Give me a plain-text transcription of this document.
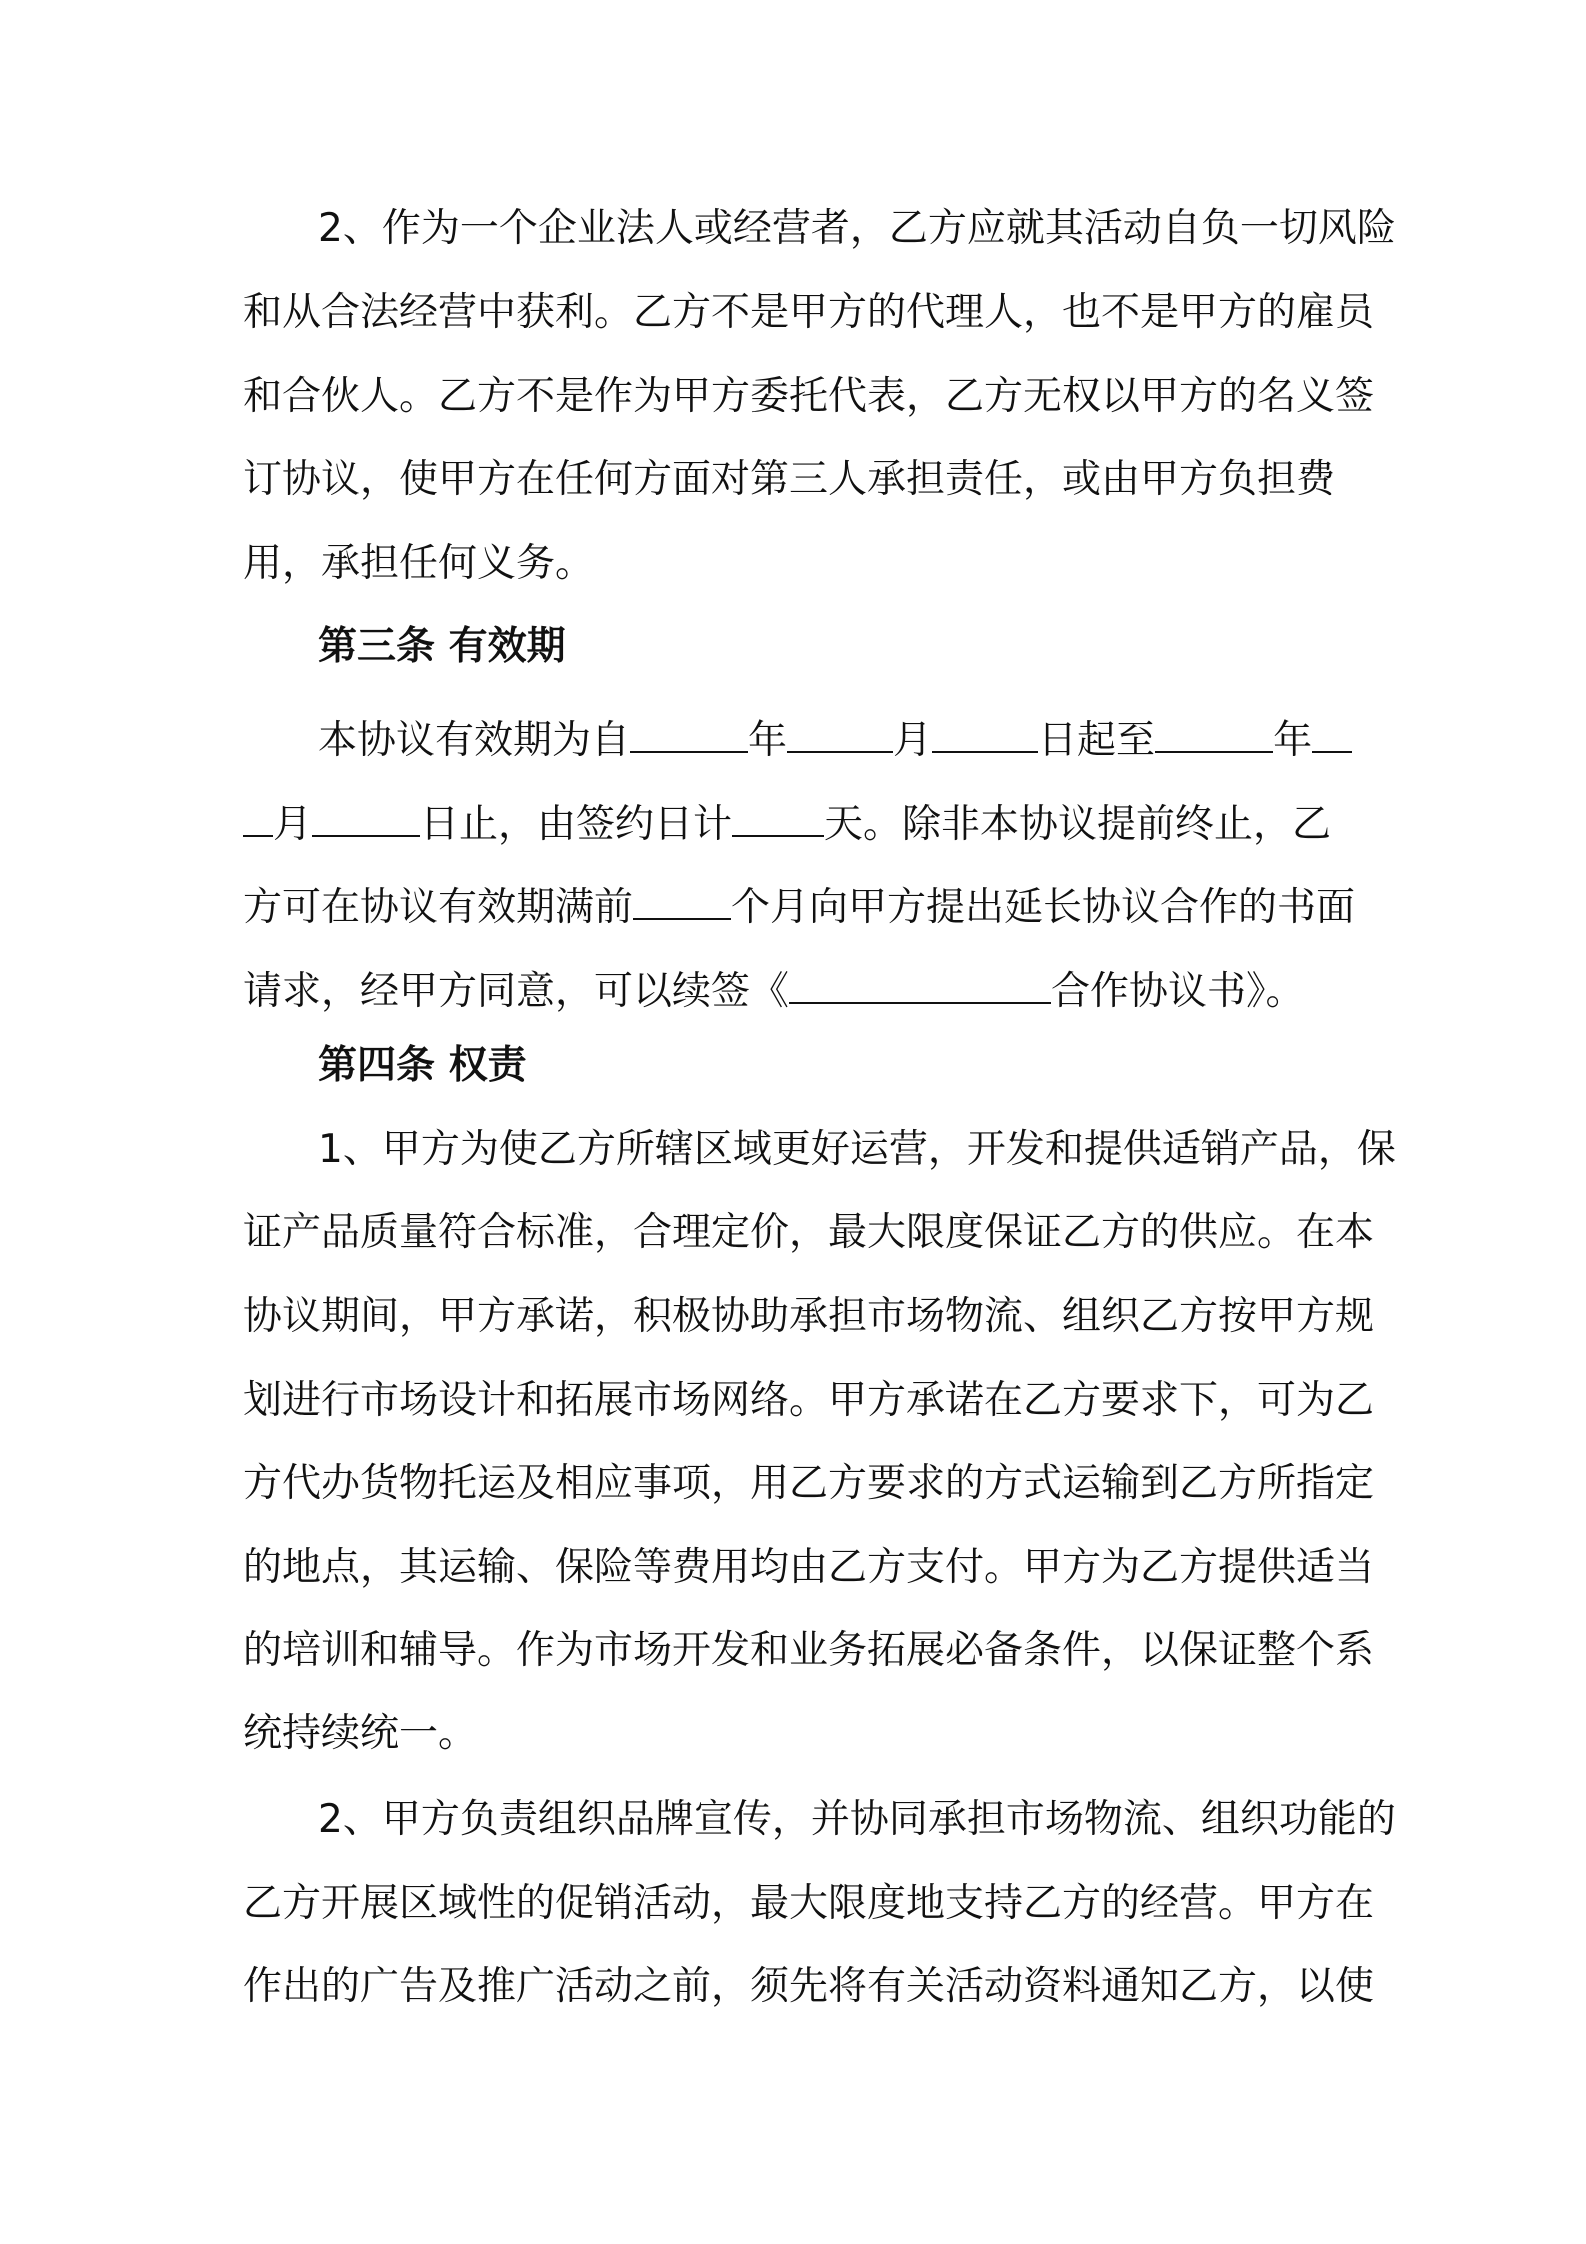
2、作为一个企业法人或经营者，乙方应就其活动自负一切风险
和从合法经营中获利。乙方不是甲方的代理人，也不是甲方的雇员
和合伙人。乙方不是作为甲方委托代表，乙方无权以甲方的名义签
订协议，使甲方在任何方面对第三人承担责任，或由甲方负担费
用，承担任何义务。
第三条 有效期
本协议有效期为自	年	月	日起至	年
月	日止，由签约日计 天。除非本协议提前终止，乙
方可在协议有效期满前	个月向甲方提出延长协议合作的书面
请求，经甲方同意，可以续签《	合作协议书》。
第四条 权责
1、甲方为使乙方所辖区域更好运营，开发和提供适销产品，保
证产品质量符合标准，合理定价，最大限度保证乙方的供应。在本
协议期间，甲方承诺，积极协助承担市场物流、组织乙方按甲方规
划进行市场设计和拓展市场网络。甲方承诺在乙方要求下，可为乙
方代办货物托运及相应事项，用乙方要求的方式运输到乙方所指定
的地点，其运输、保险等费用均由乙方支付。甲方为乙方提供适当
的培训和辅导。作为市场开发和业务拓展必备条件，以保证整个系
统持续统一。
2、甲方负责组织品牌宣传，并协同承担市场物流、组织功能的
乙方开展区域性的促销活动，最大限度地支持乙方的经营。甲方在
作出的广告及推广活动之前，须先将有关活动资料通知乙方，以使
